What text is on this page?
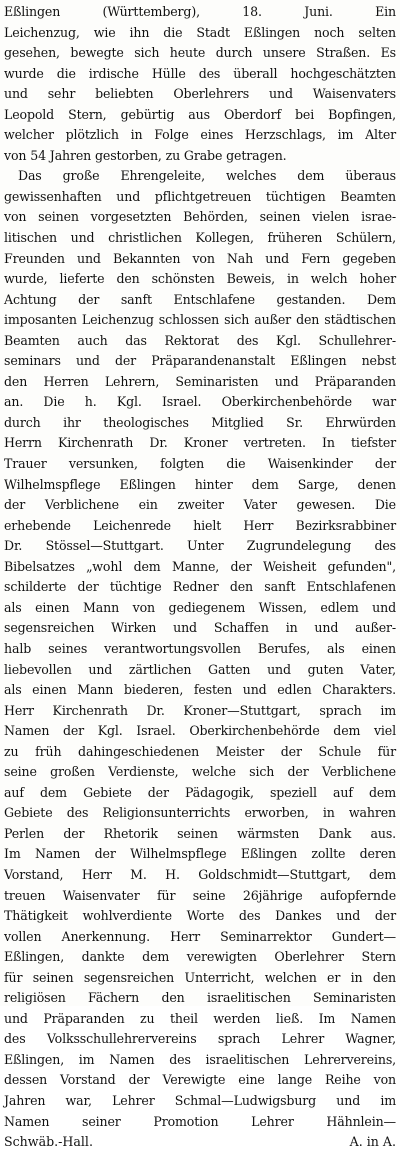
Eßlingen (Württemberg), 18. Juni. Ein
Leichenzug, wie ihn die Stadt Eßlingen noch selten
gesehen, bewegte sich heute durch unsere Straßen. Es
wurde die irdische Hülle des überall hochgeschätzten
und sehr beliebten Oberlehrers und Waisenvaters
Leopold Stern, gebürtig aus Oberdorf bei Bopfingen,
welcher plötzlich in Folge eines Herzschlags, im Alter
von 54 Jahren gestorben, zu Grabe getragen.
Das große Ehrengeleite, welches dem überaus
gewissenhaften und pflichtgetreuen tüchtigen Beamten
von seinen vorgesetzten Behörden, seinen vielen israe-
litischen und christlichen Kollegen, früheren Schülern,
Freunden und Bekannten von Nah und Fern gegeben
wurde, lieferte den schönsten Beweis, in welch hoher
Achtung der sanft Entschlafene gestanden. Dem
imposanten Leichenzug schlossen sich außer den städtischen
Beamten auch das Rektorat des Kgl. Schullehrer-
seminars und der Präparandenanstalt Eßlingen nebst
den Herren Lehrern, Seminaristen und Präparanden
an. Die h. Kgl. Israel. Oberkirchenbehörde war
durch ihr theologisches Mitglied Sr. Ehrwürden
Herrn Kirchenrath Dr. Kroner vertreten. In tiefster
Trauer versunken, folgten die Waisenkinder der
Wilhelmspflege Eßlingen hinter dem Sarge, denen
der Verblichene ein zweiter Vater gewesen. Die
erhebende Leichenrede hielt Herr Bezirksrabbiner
Dr. Stössel—Stuttgart. Unter Zugrundelegung des
Bibelsatzes „wohl dem Manne, der Weisheit gefunden",
schilderte der tüchtige Redner den sanft Entschlafenen
als einen Mann von gediegenem Wissen, edlem und
segensreichen Wirken und Schaffen in und außer-
halb seines verantwortungsvollen Berufes, als einen
liebevollen und zärtlichen Gatten und guten Vater,
als einen Mann biederen, festen und edlen Charakters.
Herr Kirchenrath Dr. Kroner—Stuttgart, sprach im
Namen der Kgl. Israel. Oberkirchenbehörde dem viel
zu früh dahingeschiedenen Meister der Schule für
seine großen Verdienste, welche sich der Verblichene
auf dem Gebiete der Pädagogik, speziell auf dem
Gebiete des Religionsunterrichts erworben, in wahren
Perlen der Rhetorik seinen wärmsten Dank aus.
Im Namen der Wilhelmspflege Eßlingen zollte deren
Vorstand, Herr M. H. Goldschmidt—Stuttgart, dem
treuen Waisenvater für seine 26jährige aufopfernde
Thätigkeit wohlverdiente Worte des Dankes und der
vollen Anerkennung. Herr Seminarrektor Gundert—
Eßlingen, dankte dem verewigten Oberlehrer Stern
für seinen segensreichen Unterricht, welchen er in den
religiösen Fächern den israelitischen Seminaristen
und Präparanden zu theil werden ließ. Im Namen
des Volksschullehrervereins sprach Lehrer Wagner,
Eßlingen, im Namen des israelitischen Lehrervereins,
dessen Vorstand der Verewigte eine lange Reihe von
Jahren war, Lehrer Schmal—Ludwigsburg und im
Namen seiner Promotion Lehrer Hähnlein—
Schwäb.-Hall.	A. in A.
